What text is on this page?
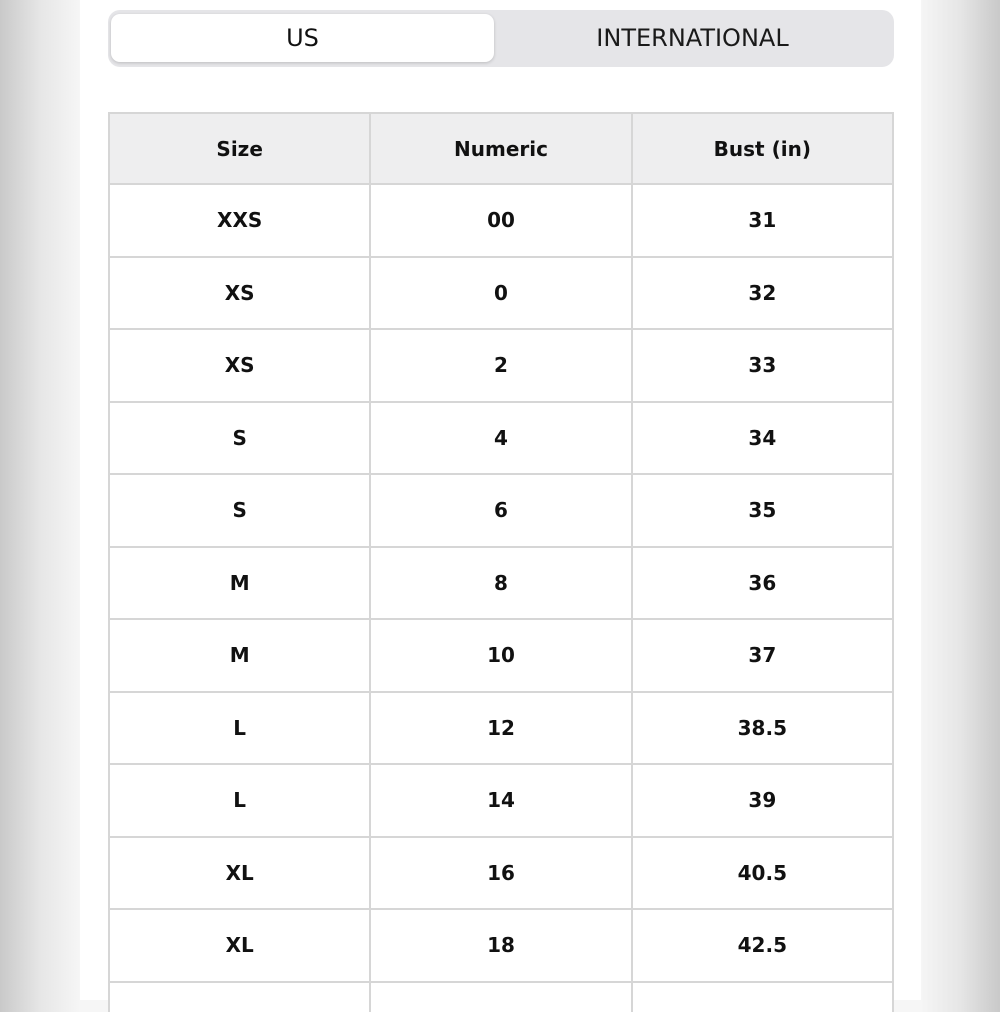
US	INTERNATIONAL
Size	Numeric	Bust (in)
XXS	00	31
XS	0	32
XS	2	33
S	4	34
S	6	35
M	8	36
M	10	37
L	12	38.5
L	14	39
XL	16	40.5
XL	18	42.5
